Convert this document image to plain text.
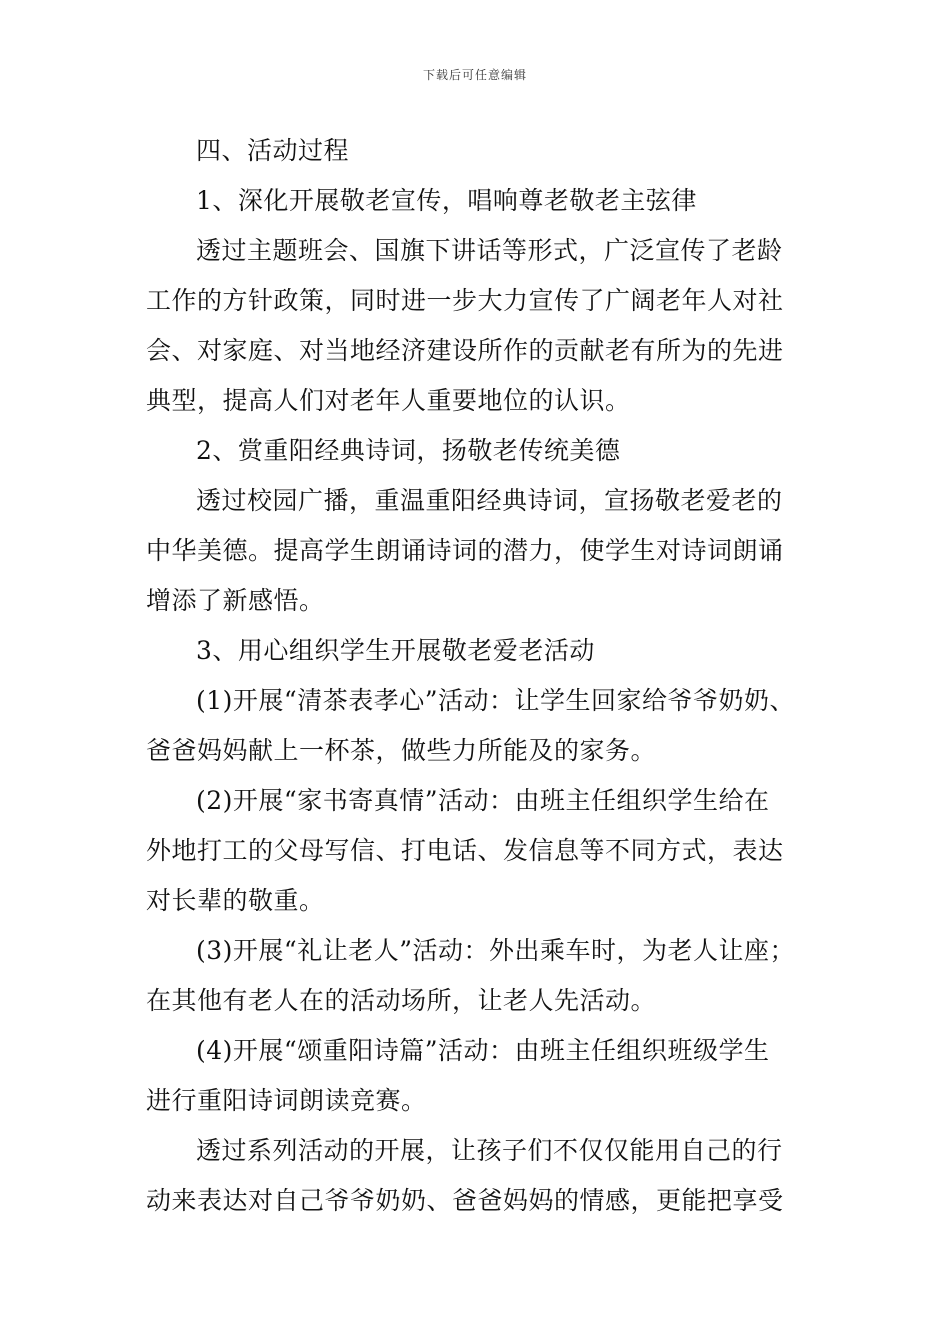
下载后可任意编辑
四、活动过程
1、深化开展敬老宣传，唱响尊老敬老主弦律
透过主题班会、国旗下讲话等形式，广泛宣传了老龄
工作的方针政策，同时进一步大力宣传了广阔老年人对社
会、对家庭、对当地经济建设所作的贡献老有所为的先进
典型，提高人们对老年人重要地位的认识。
2、赏重阳经典诗词，扬敬老传统美德
透过校园广播，重温重阳经典诗词，宣扬敬老爱老的
中华美德。提高学生朗诵诗词的潜力，使学生对诗词朗诵
增添了新感悟。
3、用心组织学生开展敬老爱老活动
(1)开展“清茶表孝心”活动：让学生回家给爷爷奶奶、
爸爸妈妈献上一杯茶，做些力所能及的家务。
(2)开展“家书寄真情”活动：由班主任组织学生给在
外地打工的父母写信、打电话、发信息等不同方式，表达
对长辈的敬重。
(3)开展“礼让老人”活动：外出乘车时，为老人让座；
在其他有老人在的活动场所，让老人先活动。
(4)开展“颂重阳诗篇”活动：由班主任组织班级学生
进行重阳诗词朗读竞赛。
透过系列活动的开展，让孩子们不仅仅能用自己的行
动来表达对自己爷爷奶奶、爸爸妈妈的情感，更能把享受
